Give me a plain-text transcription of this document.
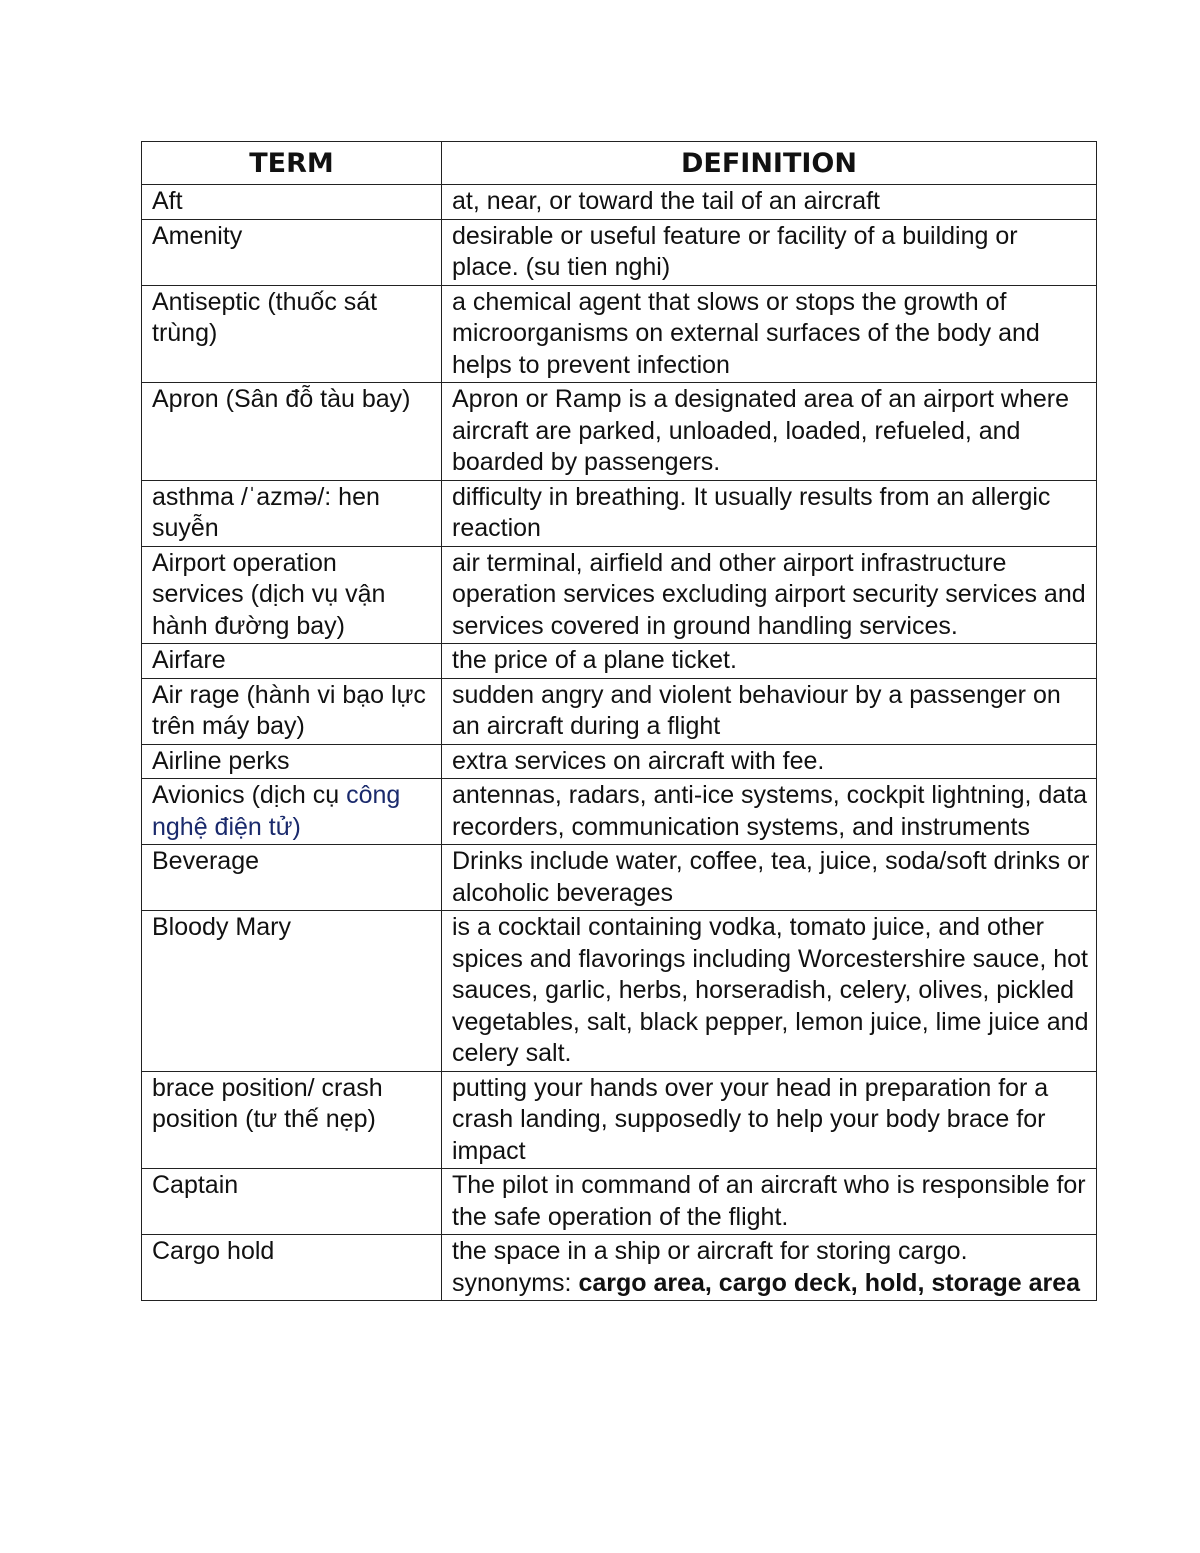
TERM	DEFINITION
Aft	at, near, or toward the tail of an aircraft
Amenity	desirable or useful feature or facility of a building or place. (su tien nghi)
Antiseptic (thuốc sát trùng)	a chemical agent that slows or stops the growth of microorganisms on external surfaces of the body and helps to prevent infection
Apron (Sân đỗ tàu bay)	Apron or Ramp is a designated area of an airport where aircraft are parked, unloaded, loaded, refueled, and boarded by passengers.
asthma /ˈazmə/: hen suyễn	difficulty in breathing. It usually results from an allergic reaction
Airport operation services (dịch vụ vận hành đường bay)	air terminal, airfield and other airport infrastructure operation services excluding airport security services and services covered in ground handling services.
Airfare	the price of a plane ticket.
Air rage (hành vi bạo lực trên máy bay)	sudden angry and violent behaviour by a passenger on an aircraft during a flight
Airline perks	extra services on aircraft with fee.
Avionics (dịch cụ công nghệ điện tử)	antennas, radars, anti-ice systems, cockpit lightning, data recorders, communication systems, and instruments
Beverage	Drinks include water, coffee, tea, juice, soda/soft drinks or alcoholic beverages
Bloody Mary	is a cocktail containing vodka, tomato juice, and other spices and flavorings including Worcestershire sauce, hot sauces, garlic, herbs, horseradish, celery, olives, pickled vegetables, salt, black pepper, lemon juice, lime juice and celery salt.
brace position/ crash position (tư thế nẹp)	putting your hands over your head in preparation for a crash landing, supposedly to help your body brace for impact
Captain	The pilot in command of an aircraft who is responsible for the safe operation of the flight.
Cargo hold	the space in a ship or aircraft for storing cargo.
synonyms: cargo area, cargo deck, hold, storage area
